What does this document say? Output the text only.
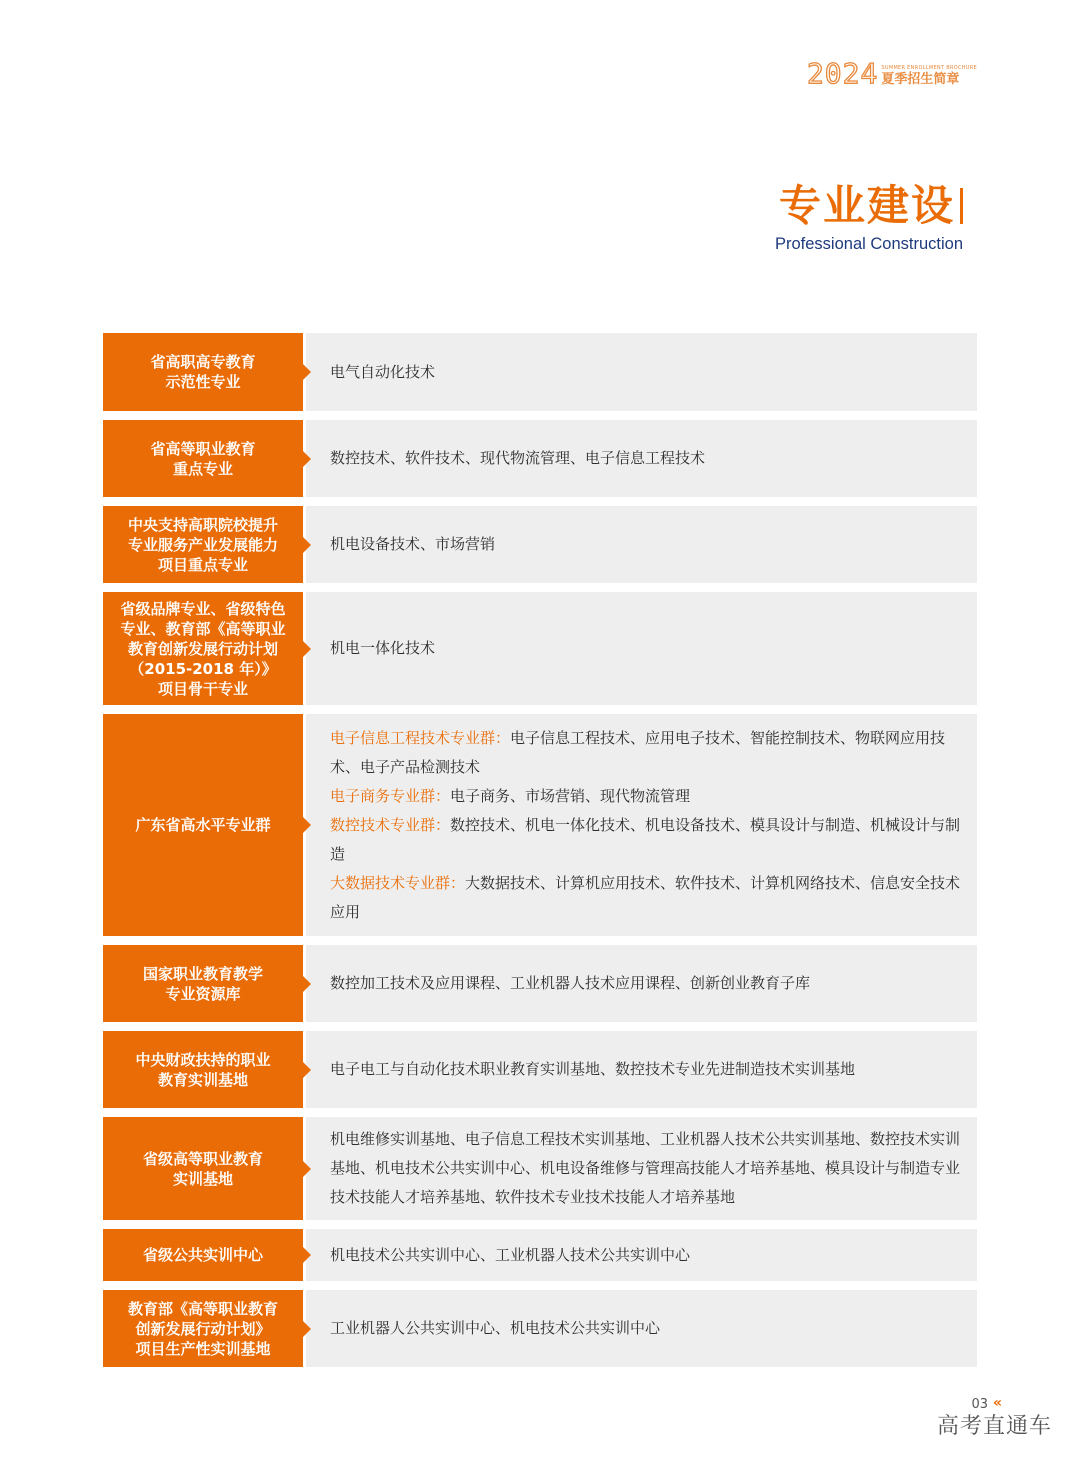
2024 SUMMER ENROLLMENT BROCHURE
夏季招生简章
专业建设
Professional Construction
省高职高专教育
示范性专业
电气自动化技术
省高等职业教育
重点专业
数控技术、软件技术、现代物流管理、电子信息工程技术
中央支持高职院校提升
专业服务产业发展能力
项目重点专业
机电设备技术、市场营销
省级品牌专业、省级特色
专业、教育部《高等职业
教育创新发展行动计划
（2015-2018 年）》
项目骨干专业
机电一体化技术
广东省高水平专业群
电子信息工程技术专业群：电子信息工程技术、应用电子技术、智能控制技术、物联网应用技术、电子产品检测技术
电子商务专业群：电子商务、市场营销、现代物流管理
数控技术专业群：数控技术、机电一体化技术、机电设备技术、模具设计与制造、机械设计与制造
大数据技术专业群：大数据技术、计算机应用技术、软件技术、计算机网络技术、信息安全技术应用
国家职业教育教学
专业资源库
数控加工技术及应用课程、工业机器人技术应用课程、创新创业教育子库
中央财政扶持的职业
教育实训基地
电子电工与自动化技术职业教育实训基地、数控技术专业先进制造技术实训基地
省级高等职业教育
实训基地
机电维修实训基地、电子信息工程技术实训基地、工业机器人技术公共实训基地、数控技术实训基地、机电技术公共实训中心、机电设备维修与管理高技能人才培养基地、模具设计与制造专业技术技能人才培养基地、软件技术专业技术技能人才培养基地
省级公共实训中心	机电技术公共实训中心、工业机器人技术公共实训中心
教育部《高等职业教育
创新发展行动计划》
项目生产性实训基地
工业机器人公共实训中心、机电技术公共实训中心
03 «
高考直通车
